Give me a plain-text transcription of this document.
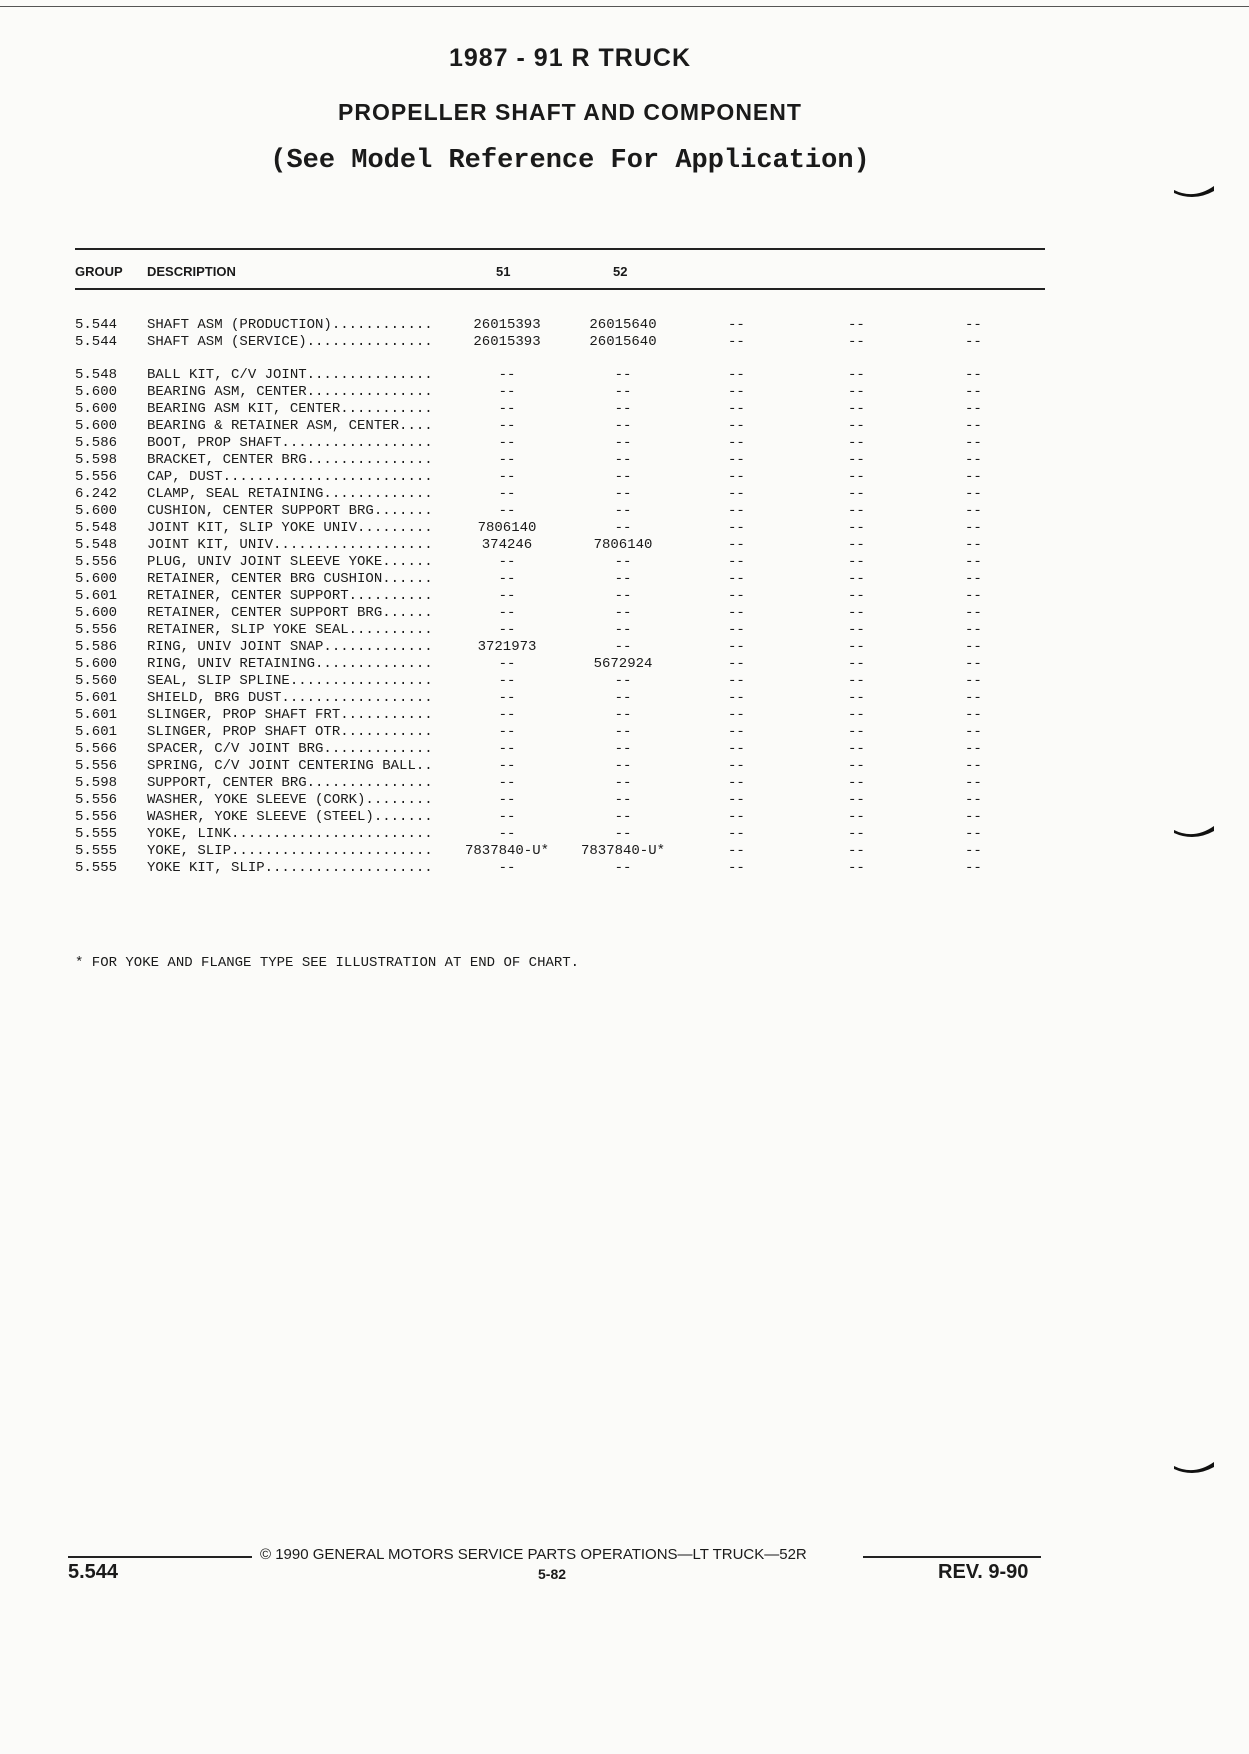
1987 - 91 R TRUCK
PROPELLER SHAFT AND COMPONENT
(See Model Reference For Application)
GROUP DESCRIPTION	51	52
5.544 SHAFT ASM (PRODUCTION)............	26015393	26015640	--	--	--
5.544 SHAFT ASM (SERVICE)...............	26015393	26015640	--	--	--
5.548 BALL KIT, C/V JOINT...............	--	--	--	--	--
5.600 BEARING ASM, CENTER...............	--	--	--	--	--
5.600 BEARING ASM KIT, CENTER...........	--	--	--	--	--
5.600 BEARING & RETAINER ASM, CENTER....	--	--	--	--	--
5.586 BOOT, PROP SHAFT..................	--	--	--	--	--
5.598 BRACKET, CENTER BRG...............	--	--	--	--	--
5.556 CAP, DUST.........................	--	--	--	--	--
6.242 CLAMP, SEAL RETAINING.............	--	--	--	--	--
5.600 CUSHION, CENTER SUPPORT BRG.......	--	--	--	--	--
5.548 JOINT KIT, SLIP YOKE UNIV.........	7806140	--	--	--	--
5.548 JOINT KIT, UNIV...................	374246	7806140	--	--	--
5.556 PLUG, UNIV JOINT SLEEVE YOKE......	--	--	--	--	--
5.600 RETAINER, CENTER BRG CUSHION......	--	--	--	--	--
5.601 RETAINER, CENTER SUPPORT..........	--	--	--	--	--
5.600 RETAINER, CENTER SUPPORT BRG......	--	--	--	--	--
5.556 RETAINER, SLIP YOKE SEAL..........	--	--	--	--	--
5.586 RING, UNIV JOINT SNAP.............	3721973	--	--	--	--
5.600 RING, UNIV RETAINING..............	--	5672924	--	--	--
5.560 SEAL, SLIP SPLINE.................	--	--	--	--	--
5.601 SHIELD, BRG DUST..................	--	--	--	--	--
5.601 SLINGER, PROP SHAFT FRT...........	--	--	--	--	--
5.601 SLINGER, PROP SHAFT OTR...........	--	--	--	--	--
5.566 SPACER, C/V JOINT BRG.............	--	--	--	--	--
5.556 SPRING, C/V JOINT CENTERING BALL..	--	--	--	--	--
5.598 SUPPORT, CENTER BRG...............	--	--	--	--	--
5.556 WASHER, YOKE SLEEVE (CORK)........	--	--	--	--	--
5.556 WASHER, YOKE SLEEVE (STEEL).......	--	--	--	--	--
5.555 YOKE, LINK........................	--	--	--	--	--
5.555 YOKE, SLIP........................	7837840-U* 7837840-U*	--	--	--
5.555 YOKE KIT, SLIP....................	--	--	--	--	--
* FOR YOKE AND FLANGE TYPE SEE ILLUSTRATION AT END OF CHART.
© 1990 GENERAL MOTORS SERVICE PARTS OPERATIONS—LT TRUCK—52R
5.544	5-82	REV. 9-90
